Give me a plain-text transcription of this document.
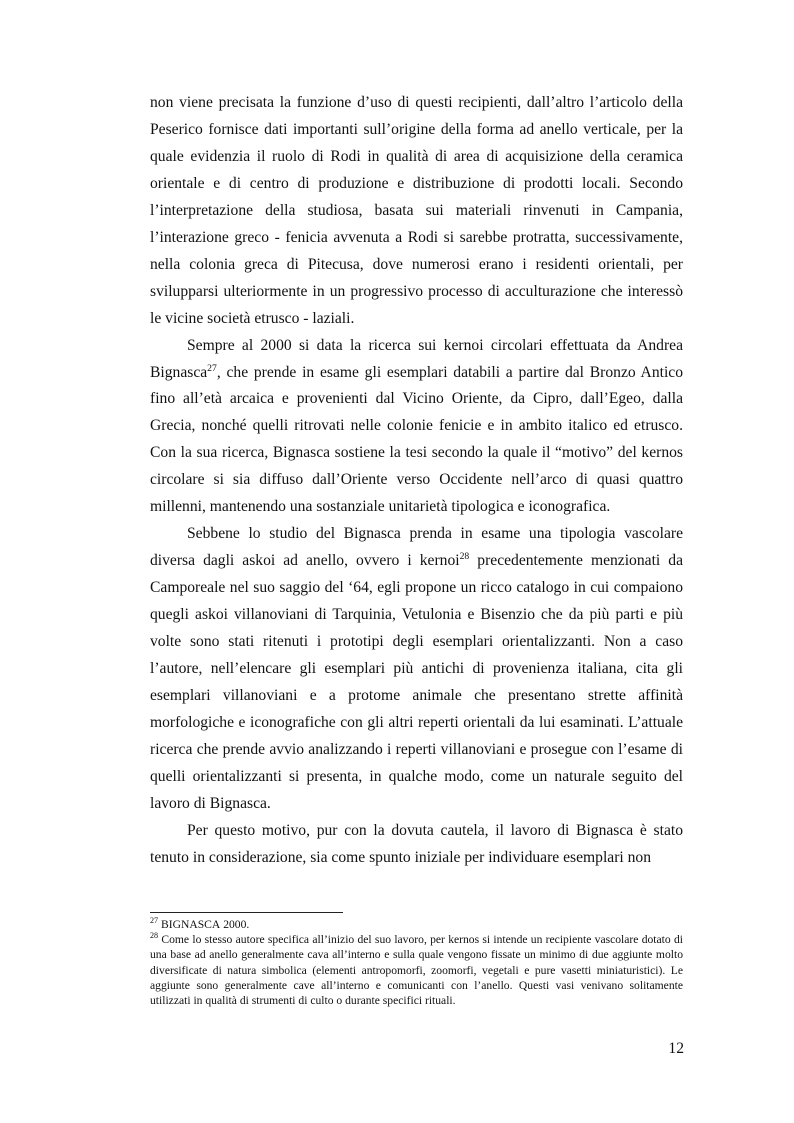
non viene precisata la funzione d’uso di questi recipienti, dall’altro l’articolo della Peserico fornisce dati importanti sull’origine della forma ad anello verticale, per la quale evidenzia il ruolo di Rodi in qualità di area di acquisizione della ceramica orientale e di centro di produzione e distribuzione di prodotti locali. Secondo l’interpretazione della studiosa, basata sui materiali rinvenuti in Campania, l’interazione greco - fenicia avvenuta a Rodi si sarebbe protratta, successivamente, nella colonia greca di Pitecusa, dove numerosi erano i residenti orientali, per svilupparsi ulteriormente in un progressivo processo di acculturazione che interessò le vicine società etrusco - laziali.

Sempre al 2000 si data la ricerca sui kernoi circolari effettuata da Andrea Bignasca$^{27}$, che prende in esame gli esemplari databili a partire dal Bronzo Antico fino all’età arcaica e provenienti dal Vicino Oriente, da Cipro, dall’Egeo, dalla Grecia, nonché quelli ritrovati nelle colonie fenicie e in ambito italico ed etrusco. Con la sua ricerca, Bignasca sostiene la tesi secondo la quale il “motivo” del kernos circolare si sia diffuso dall’Oriente verso Occidente nell’arco di quasi quattro millenni, mantenendo una sostanziale unitarietà tipologica e iconografica.

Sebbene lo studio del Bignasca prenda in esame una tipologia vascolare diversa dagli askoi ad anello, ovvero i kernoi$^{28}$ precedentemente menzionati da Camporeale nel suo saggio del ‘64, egli propone un ricco catalogo in cui compaiono quegli askoi villanoviani di Tarquinia, Vetulonia e Bisenzio che da più parti e più volte sono stati ritenuti i prototipi degli esemplari orientalizzanti. Non a caso l’autore, nell’elencare gli esemplari più antichi di provenienza italiana, cita gli esemplari villanoviani e a protome animale che presentano strette affinità morfologiche e iconografiche con gli altri reperti orientali da lui esaminati. L’attuale ricerca che prende avvio analizzando i reperti villanoviani e prosegue con l’esame di quelli orientalizzanti si presenta, in qualche modo, come un naturale seguito del lavoro di Bignasca.

Per questo motivo, pur con la dovuta cautela, il lavoro di Bignasca è stato tenuto in considerazione, sia come spunto iniziale per individuare esemplari non

$^{27}$ BIGNASCA 2000.

$^{28}$ Come lo stesso autore specifica all’inizio del suo lavoro, per kernos si intende un recipiente vascolare dotato di una base ad anello generalmente cava all’interno e sulla quale vengono fissate un minimo di due aggiunte molto diversificate di natura simbolica (elementi antropomorfi, zoomorfi, vegetali e pure vasetti miniaturistici). Le aggiunte sono generalmente cave all’interno e comunicanti con l’anello. Questi vasi venivano solitamente utilizzati in qualità di strumenti di culto o durante specifici rituali.

12
